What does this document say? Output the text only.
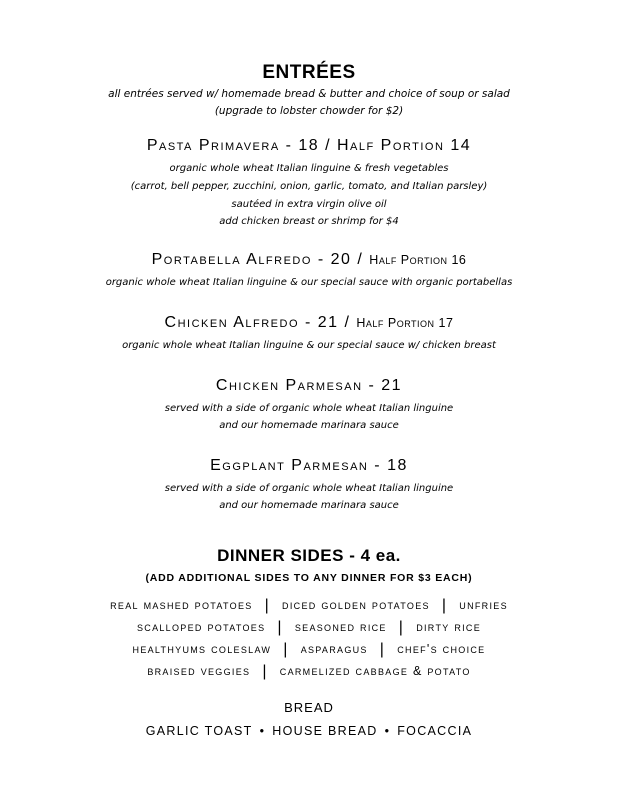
ENTRÉES
all entrées served w/ homemade bread & butter and choice of soup or salad
(upgrade to lobster chowder for $2)
Pasta Primavera - 18 / Half Portion 14
organic whole wheat Italian linguine & fresh vegetables
(carrot, bell pepper, zucchini, onion, garlic, tomato, and Italian parsley)
sautéed in extra virgin olive oil
add chicken breast or shrimp for $4
Portabella Alfredo - 20 / Half Portion 16
organic whole wheat Italian linguine & our special sauce with organic portabellas
Chicken Alfredo - 21 / Half Portion 17
organic whole wheat Italian linguine & our special sauce w/ chicken breast
Chicken Parmesan - 21
served with a side of organic whole wheat Italian linguine
and our homemade marinara sauce
Eggplant Parmesan - 18
served with a side of organic whole wheat Italian linguine
and our homemade marinara sauce
DINNER SIDES - 4 ea.
(ADD ADDITIONAL SIDES TO ANY DINNER FOR $3 EACH)
real mashed potatoes | diced golden potatoes | unfries
scalloped potatoes | seasoned rice | dirty rice
healthyums coleslaw | asparagus | chef's choice
braised veggies | carmelized cabbage & potato
BREAD
GARLIC TOAST • HOUSE BREAD • FOCACCIA
